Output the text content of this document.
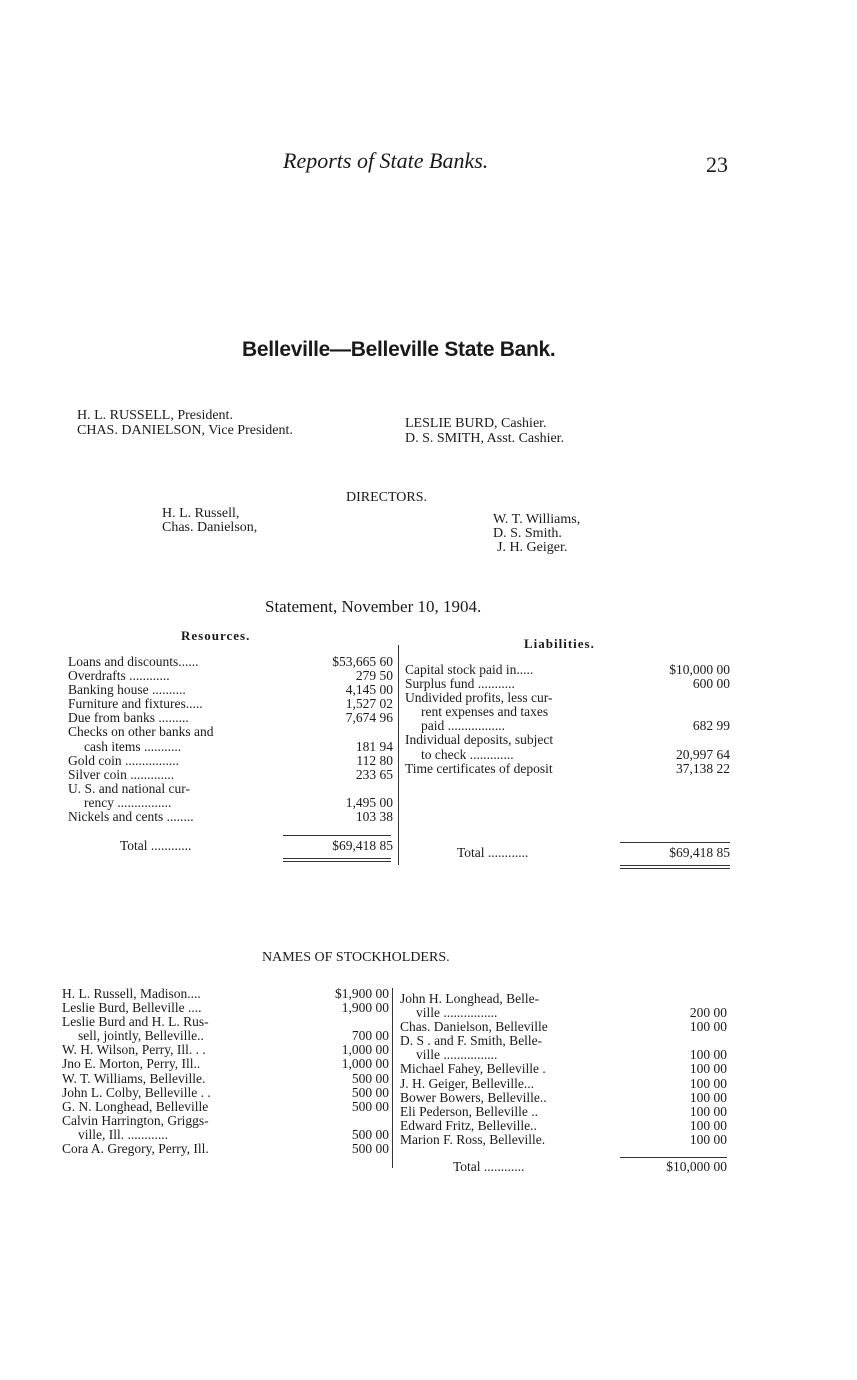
Reports of State Banks.	23
Belleville—Belleville State Bank.
H. L. RUSSELL, President.
CHAS. DANIELSON, Vice President.	LESLIE BURD, Cashier.
D. S. SMITH, Asst. Cashier.
DIRECTORS.
H. L. Russell,
Chas. Danielson,
W. T. Williams,
D. S. Smith.
J. H. Geiger.
Statement, November 10, 1904.
Resources.
Loans and discounts......	$53,665 60
Overdrafts ............	279 50
Banking house ..........	4,145 00
Furniture and fixtures.....	1,527 02
Due from banks .........	7,674 96
Checks on other banks and
cash items ...........	181 94
Gold coin ................	112 80
Silver coin .............	233 65
U. S. and national cur-
rency ................	1,495 00
Nickels and cents ........	103 38
Total ............	$69,418 85
Liabilities.
Capital stock paid in.....	$10,000 00
Surplus fund ...........	600 00
Undivided profits, less cur-
rent expenses and taxes
paid .................	682 99
Individual deposits, subject
to check .............	20,997 64
Time certificates of deposit	37,138 22
Total ............	$69,418 85
NAMES OF STOCKHOLDERS.
H. L. Russell, Madison....	$1,900 00
Leslie Burd, Belleville ....	1,900 00
Leslie Burd and H. L. Rus-
sell, jointly, Belleville..	700 00
W. H. Wilson, Perry, Ill. . .	1,000 00
Jno E. Morton, Perry, Ill..	1,000 00
W. T. Williams, Belleville.	500 00
John L. Colby, Belleville . .	500 00
G. N. Longhead, Belleville	500 00
Calvin Harrington, Griggs-
ville, Ill. ............	500 00
Cora A. Gregory, Perry, Ill.	500 00
John H. Longhead, Belle-
ville ................	200 00
Chas. Danielson, Belleville	100 00
D. S . and F. Smith, Belle-
ville ................	100 00
Michael Fahey, Belleville .	100 00
J. H. Geiger, Belleville...	100 00
Bower Bowers, Belleville..	100 00
Eli Pederson, Belleville ..	100 00
Edward Fritz, Belleville..	100 00
Marion F. Ross, Belleville.	100 00
Total ............	$10,000 00
